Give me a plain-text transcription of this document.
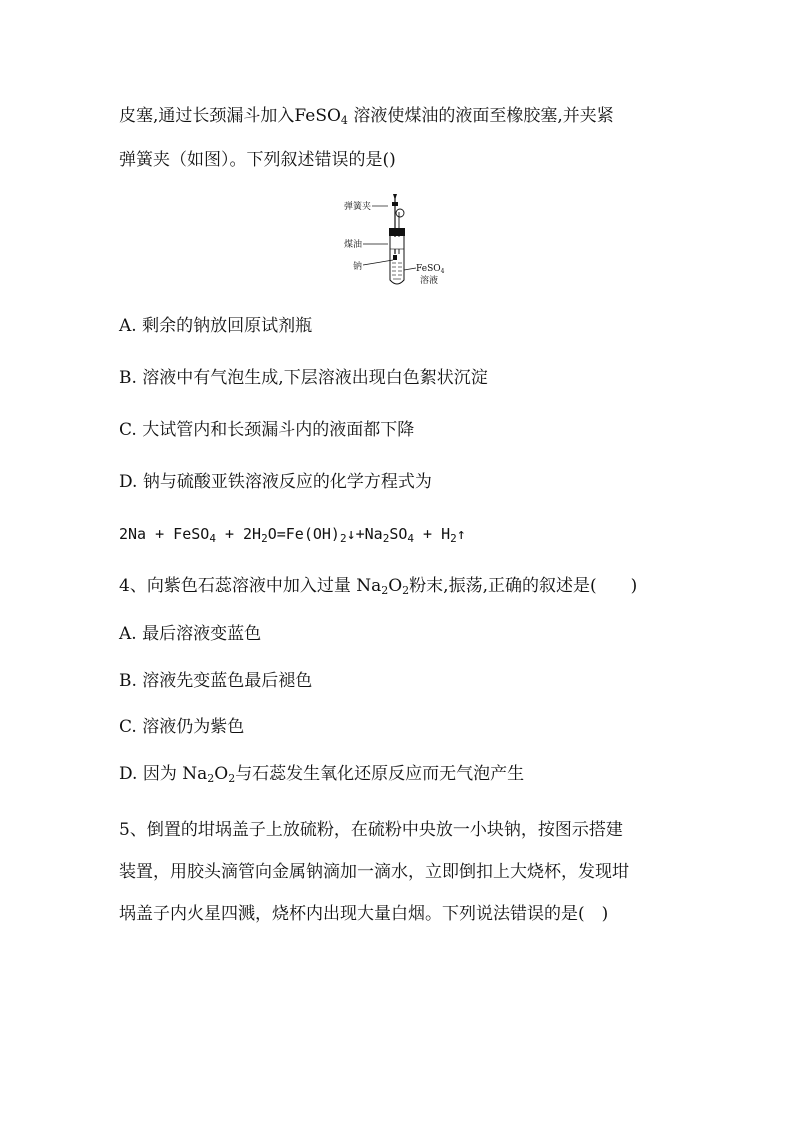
皮塞,通过长颈漏斗加入FeSO$_4$ 溶液使煤油的液面至橡胶塞,并夹紧
弹簧夹（如图）。下列叙述错误的是()
弹簧夹
煤油
钠	FeSO$_4$
溶液
A. 剩余的钠放回原试剂瓶
B. 溶液中有气泡生成,下层溶液出现白色絮状沉淀
C. 大试管内和长颈漏斗内的液面都下降
D. 钠与硫酸亚铁溶液反应的化学方程式为
2Na + FeSO$_4$ + $2H_2O=Fe(OH)_2↓+Na_2SO_4$ + $H_2↑$
4、向紫色石蕊溶液中加入过量 $Na_2O_2$粉末,振荡,正确的叙述是(　　)
A. 最后溶液变蓝色
B. 溶液先变蓝色最后褪色
C. 溶液仍为紫色
D. 因为 $Na_2O_2$与石蕊发生氧化还原反应而无气泡产生
5、倒置的坩埚盖子上放硫粉，在硫粉中央放一小块钠，按图示搭建
装置，用胶头滴管向金属钠滴加一滴水，立即倒扣上大烧杯，发现坩
埚盖子内火星四溅，烧杯内出现大量白烟。下列说法错误的是(　)
